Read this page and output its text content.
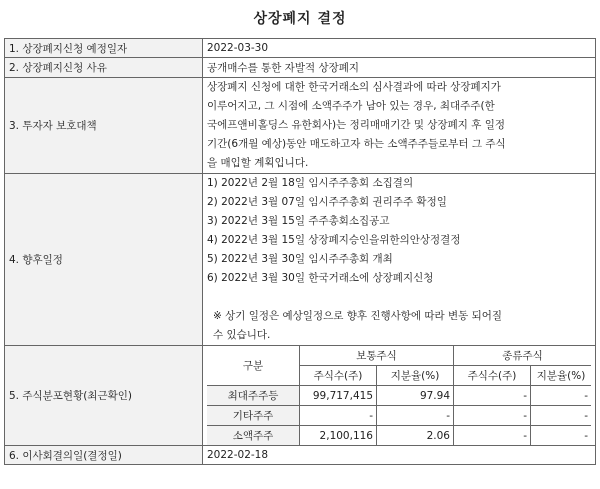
상장폐지 결정
1. 상장폐지신청 예정일자	2022-03-30
2. 상장폐지신청 사유	공개매수를 통한 자발적 상장폐지
3. 투자자 보호대책	
상장폐지 신청에 대한 한국거래소의 심사결과에 따라 상장폐지가
이루어지고, 그 시점에 소액주주가 남아 있는 경우, 최대주주(한
국에프앤비홀딩스 유한회사)는 정리매매기간 및 상장폐지 후 일정
기간(6개월 예상)동안 매도하고자 하는 소액주주들로부터 그 주식
을 매입할 계획입니다.

4. 향후일정	
1) 2022년 2월 18일 임시주주총회 소집결의
2) 2022년 3월 07일 임시주주총회 권리주주 확정일
3) 2022년 3월 15일 주주총회소집공고
4) 2022년 3월 15일 상장폐지승인을위한의안상정결정
5) 2022년 3월 30일 임시주주총회 개최
6) 2022년 3월 30일 한국거래소에 상장폐지신청
※ 상기 일정은 예상일정으로 향후 진행사항에 따라 변동 되어질
수 있습니다.

5. 주식분포현황(최근확인)	
구분	보통주식	종류주식
주식수(주)	지분율(%)	주식수(주)	지분율(%)
최대주주등	99,717,415	97.94	-	-
기타주주	-	-	-	-
소액주주	2,100,116	2.06	-	-

6. 이사회결의일(결정일)	2022-02-18
